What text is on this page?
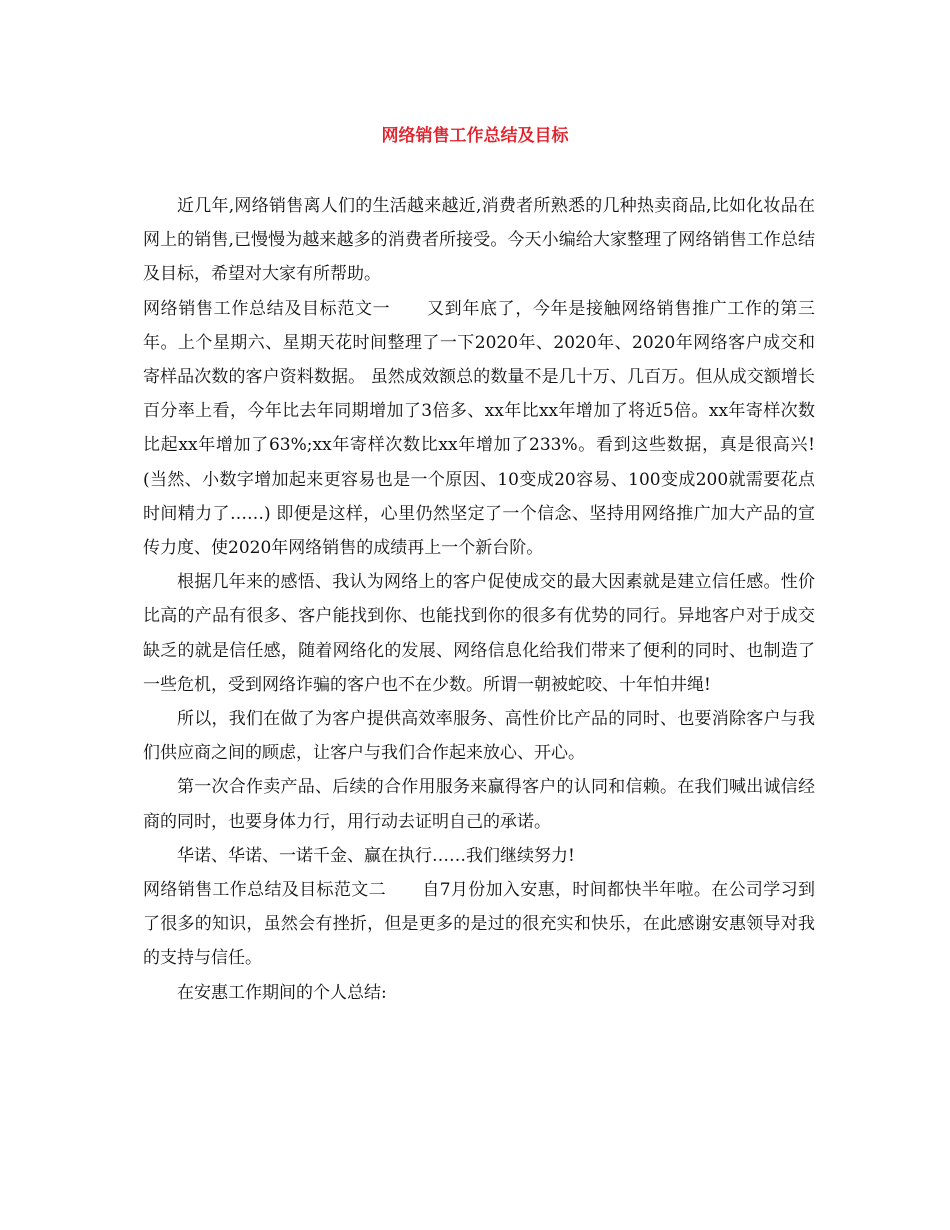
网络销售工作总结及目标

近几年,网络销售离人们的生活越来越近,消费者所熟悉的几种热卖商品,比如化妆品在网上的销售,已慢慢为越来越多的消费者所接受。今天小编给大家整理了网络销售工作总结及目标，希望对大家有所帮助。

网络销售工作总结及目标范文一 又到年底了，今年是接触网络销售推广工作的第三年。上个星期六、星期天花时间整理了一下2020年、2020年、2020年网络客户成交和寄样品次数的客户资料数据。 虽然成效额总的数量不是几十万、几百万。但从成交额增长百分率上看，今年比去年同期增加了3倍多、xx年比xx年增加了将近5倍。xx年寄样次数比起xx年增加了63%;xx年寄样次数比xx年增加了233%。看到这些数据，真是很高兴!(当然、小数字增加起来更容易也是一个原因、10变成20容易、100变成200就需要花点时间精力了……) 即便是这样，心里仍然坚定了一个信念、坚持用网络推广加大产品的宣传力度、使2020年网络销售的成绩再上一个新台阶。

根据几年来的感悟、我认为网络上的客户促使成交的最大因素就是建立信任感。性价比高的产品有很多、客户能找到你、也能找到你的很多有优势的同行。异地客户对于成交缺乏的就是信任感，随着网络化的发展、网络信息化给我们带来了便利的同时、也制造了一些危机，受到网络诈骗的客户也不在少数。所谓一朝被蛇咬、十年怕井绳!

所以，我们在做了为客户提供高效率服务、高性价比产品的同时、也要消除客户与我们供应商之间的顾虑，让客户与我们合作起来放心、开心。

第一次合作卖产品、后续的合作用服务来赢得客户的认同和信赖。在我们喊出诚信经商的同时，也要身体力行，用行动去证明自己的承诺。

华诺、华诺、一诺千金、赢在执行……我们继续努力!

网络销售工作总结及目标范文二 自7月份加入安惠，时间都快半年啦。在公司学习到了很多的知识，虽然会有挫折，但是更多的是过的很充实和快乐，在此感谢安惠领导对我的支持与信任。

在安惠工作期间的个人总结:
